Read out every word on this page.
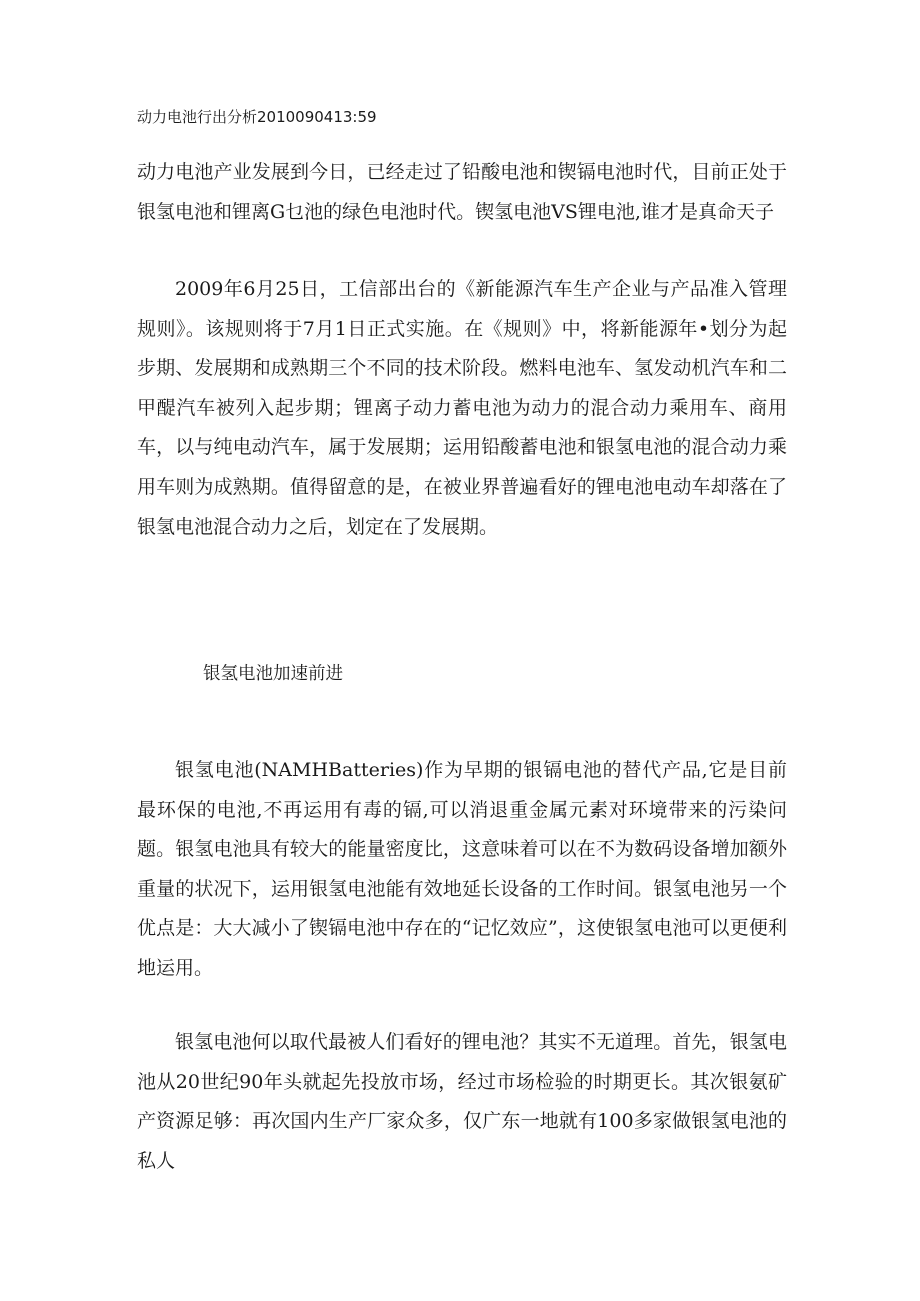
动力电池行出分析2010090413:59

动力电池产业发展到今日，已经走过了铅酸电池和锲镉电池时代，目前正处于银氢电池和锂离G乜池的绿色电池时代。锲氢电池VS锂电池,谁才是真命天子

2009年6月25日，工信部出台的《新能源汽车生产企业与产品准入管理规则》。该规则将于7月1日正式实施。在《规则》中，将新能源年•划分为起步期、发展期和成熟期三个不同的技术阶段。燃料电池车、氢发动机汽车和二甲醍汽车被列入起步期；锂离子动力蓄电池为动力的混合动力乘用车、商用车，以与纯电动汽车，属于发展期；运用铅酸蓄电池和银氢电池的混合动力乘用车则为成熟期。值得留意的是，在被业界普遍看好的锂电池电动车却落在了银氢电池混合动力之后，划定在了发展期。

银氢电池加速前进

银氢电池(NAMHBatteries)作为早期的银镉电池的替代产品,它是目前最环保的电池,不再运用有毒的镉,可以消退重金属元素对环境带来的污染问题。银氢电池具有较大的能量密度比，这意味着可以在不为数码设备增加额外重量的状况下，运用银氢电池能有效地延长设备的工作时间。银氢电池另一个优点是：大大减小了锲镉电池中存在的“记忆效应”，这使银氢电池可以更便利地运用。

银氢电池何以取代最被人们看好的锂电池？其实不无道理。首先，银氢电池从20世纪90年头就起先投放市场，经过市场检验的时期更长。其次银氨矿产资源足够：再次国内生产厂家众多，仅广东一地就有100多家做银氢电池的私人
